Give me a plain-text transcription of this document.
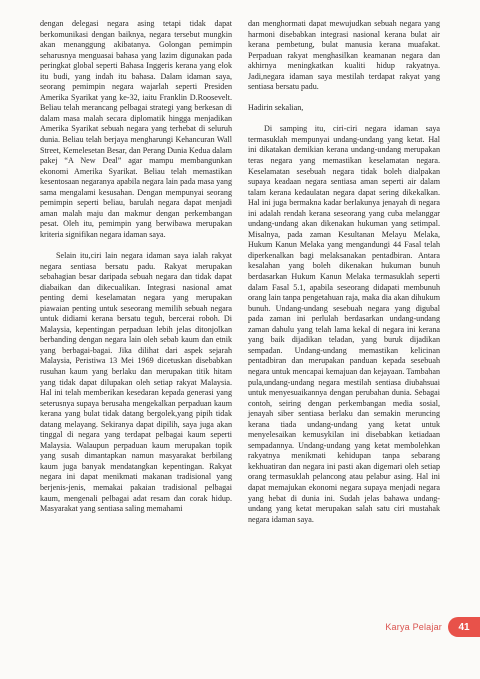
dengan delegasi negara asing tetapi tidak dapat berkomunikasi dengan baiknya, negara tersebut mungkin akan menanggung akibatanya. Golongan pemimpin seharusnya menguasai bahasa yang lazim digunakan pada peringkat global seperti Bahasa Inggeris kerana yang elok itu budi, yang indah itu bahasa. Dalam idaman saya, seorang pemimpin negara wajarlah seperti Presiden Amerika Syarikat yang ke-32, iaitu Franklin D.Roosevelt. Beliau telah merancang pelbagai strategi yang berkesan di dalam masa malah secara diplomatik hingga menjadikan Amerika Syarikat sebuah negara yang terhebat di seluruh dunia. Beliau telah berjaya mengharungi Kehancuran Wall Street, Kemelesetan Besar, dan Perang Dunia Kedua dalam pakej “A New Deal” agar mampu membangunkan ekonomi Amerika Syarikat. Beliau telah memastikan kesentosaan negaranya apabila negara lain pada masa yang sama mengalami kesusahan. Dengan mempunyai seorang pemimpin seperti beliau, barulah negara dapat menjadi aman malah maju dan makmur dengan perkembangan pesat. Oleh itu, pemimpin yang berwibawa merupakan kriteria signifikan negara idaman saya.

Selain itu,ciri lain negara idaman saya ialah rakyat negara sentiasa bersatu padu. Rakyat merupakan sebahagian besar daripada sebuah negara dan tidak dapat diabaikan dan dikecualikan. Integrasi nasional amat penting demi keselamatan negara yang merupakan piawaian penting untuk seseorang memilih sebuah negara untuk didiami kerana bersatu teguh, bercerai roboh. Di Malaysia, kepentingan perpaduan lebih jelas ditonjolkan berbanding dengan negara lain oleh sebab kaum dan etnik yang berbagai-bagai. Jika dilihat dari aspek sejarah Malaysia, Peristiwa 13 Mei 1969 dicetuskan disebabkan rusuhan kaum yang berlaku dan merupakan titik hitam yang tidak dapat dilupakan oleh setiap rakyat Malaysia. Hal ini telah memberikan kesedaran kepada generasi yang seterusnya supaya berusaha mengekalkan perpaduan kaum kerana yang bulat tidak datang bergolek,yang pipih tidak datang melayang. Sekiranya dapat dipilih, saya juga akan tinggal di negara yang terdapat pelbagai kaum seperti Malaysia. Walaupun perpaduan kaum merupakan topik yang susah dimantapkan namun masyarakat berbilang kaum juga banyak mendatangkan kepentingan. Rakyat negara ini dapat menikmati makanan tradisional yang berjenis-jenis, memakai pakaian tradisional pelbagai kaum, mengenali pelbagai adat resam dan corak hidup. Masyarakat yang sentiasa saling memahami

dan menghormati dapat mewujudkan sebuah negara yang harmoni disebabkan integrasi nasional kerana bulat air kerana pembetung, bulat manusia kerana muafakat. Perpaduan rakyat menghasilkan keamanan negara dan akhirnya meningkatkan kualiti hidup rakyatnya. Jadi,negara idaman saya mestilah terdapat rakyat yang sentiasa bersatu padu.

Hadirin sekalian,

Di samping itu, ciri-ciri negara idaman saya termasuklah mempunyai undang-undang yang ketat. Hal ini dikatakan demikian kerana undang-undang merupakan teras negara yang memastikan keselamatan negara. Keselamatan sesebuah negara tidak boleh dialpakan supaya keadaan negara sentiasa aman seperti air dalam talam kerana kedaulatan negara dapat sering dikekalkan. Hal ini juga bermakna kadar berlakunya jenayah di negara ini adalah rendah kerana seseorang yang cuba melanggar undang-undang akan dikenakan hukuman yang setimpal. Misalnya, pada zaman Kesultanan Melayu Melaka, Hukum Kanun Melaka yang mengandungi 44 Fasal telah diperkenalkan bagi melaksanakan pentadbiran. Antara kesalahan yang boleh dikenakan hukuman bunuh berdasarkan Hukum Kanun Melaka termasuklah seperti dalam Fasal 5.1, apabila seseorang didapati membunuh orang lain tanpa pengetahuan raja, maka dia akan dihukum bunuh. Undang-undang sesebuah negara yang digubal pada zaman ini perlulah berdasarkan undang-undang zaman dahulu yang telah lama kekal di negara ini kerana yang baik dijadikan teladan, yang buruk dijadikan sempadan. Undang-undang memastikan kelicinan pentadbiran dan merupakan panduan kepada sesebuah negara untuk mencapai kemajuan dan kejayaan. Tambahan pula,undang-undang negara mestilah sentiasa diubahsuai untuk menyesuaikannya dengan perubahan dunia. Sebagai contoh, seiring dengan perkembangan media sosial, jenayah siber sentiasa berlaku dan semakin meruncing kerana tiada undang-undang yang ketat untuk menyelesaikan kemusykilan ini disebabkan ketiadaan sempadannya. Undang-undang yang ketat membolehkan rakyatnya menikmati kehidupan tanpa sebarang kekhuatiran dan negara ini pasti akan digemari oleh setiap orang termasuklah pelancong atau pelabur asing. Hal ini dapat memajukan ekonomi negara supaya menjadi negara yang hebat di dunia ini. Sudah jelas bahawa undang-undang yang ketat merupakan salah satu ciri mustahak negara idaman saya.

Karya Pelajar	41
